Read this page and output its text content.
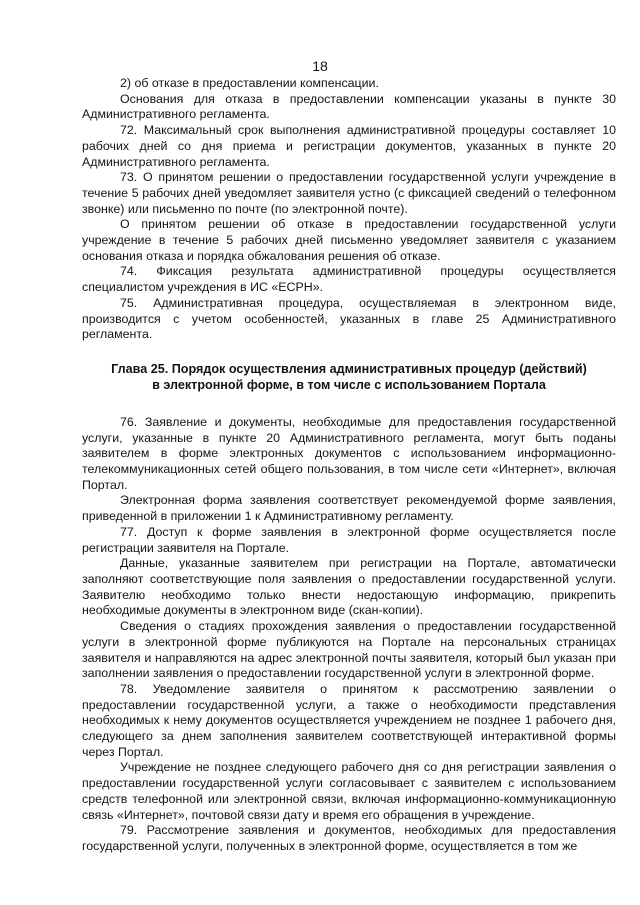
18

2) об отказе в предоставлении компенсации.

Основания для отказа в предоставлении компенсации указаны в пункте 30 Административного регламента.

72. Максимальный срок выполнения административной процедуры составляет 10 рабочих дней со дня приема и регистрации документов, указанных в пункте 20 Административного регламента.

73. О принятом решении о предоставлении государственной услуги учреждение в течение 5 рабочих дней уведомляет заявителя устно (с фиксацией сведений о телефонном звонке) или письменно по почте (по электронной почте).

О принятом решении об отказе в предоставлении государственной услуги учреждение в течение 5 рабочих дней письменно уведомляет заявителя с указанием основания отказа и порядка обжалования решения об отказе.

74. Фиксация результата административной процедуры осуществляется специалистом учреждения в ИС «ЕСРН».

75. Административная процедура, осуществляемая в электронном виде, производится с учетом особенностей, указанных в главе 25 Административного регламента.

Глава 25. Порядок осуществления административных процедур (действий) в электронной форме, в том числе с использованием Портала

76. Заявление и документы, необходимые для предоставления государственной услуги, указанные в пункте 20 Административного регламента, могут быть поданы заявителем в форме электронных документов с использованием информационно-телекоммуникационных сетей общего пользования, в том числе сети «Интернет», включая Портал.

Электронная форма заявления соответствует рекомендуемой форме заявления, приведенной в приложении 1 к Административному регламенту.

77. Доступ к форме заявления в электронной форме осуществляется после регистрации заявителя на Портале.

Данные, указанные заявителем при регистрации на Портале, автоматически заполняют соответствующие поля заявления о предоставлении государственной услуги. Заявителю необходимо только внести недостающую информацию, прикрепить необходимые документы в электронном виде (скан-копии).

Сведения о стадиях прохождения заявления о предоставлении государственной услуги в электронной форме публикуются на Портале на персональных страницах заявителя и направляются на адрес электронной почты заявителя, который был указан при заполнении заявления о предоставлении государственной услуги в электронной форме.

78. Уведомление заявителя о принятом к рассмотрению заявлении о предоставлении государственной услуги, а также о необходимости представления необходимых к нему документов осуществляется учреждением не позднее 1 рабочего дня, следующего за днем заполнения заявителем соответствующей интерактивной формы через Портал.

Учреждение не позднее следующего рабочего дня со дня регистрации заявления о предоставлении государственной услуги согласовывает с заявителем с использованием средств телефонной или электронной связи, включая информационно-коммуникационную связь «Интернет», почтовой связи дату и время его обращения в учреждение.

79. Рассмотрение заявления и документов, необходимых для предоставления государственной услуги, полученных в электронной форме, осуществляется в том же
